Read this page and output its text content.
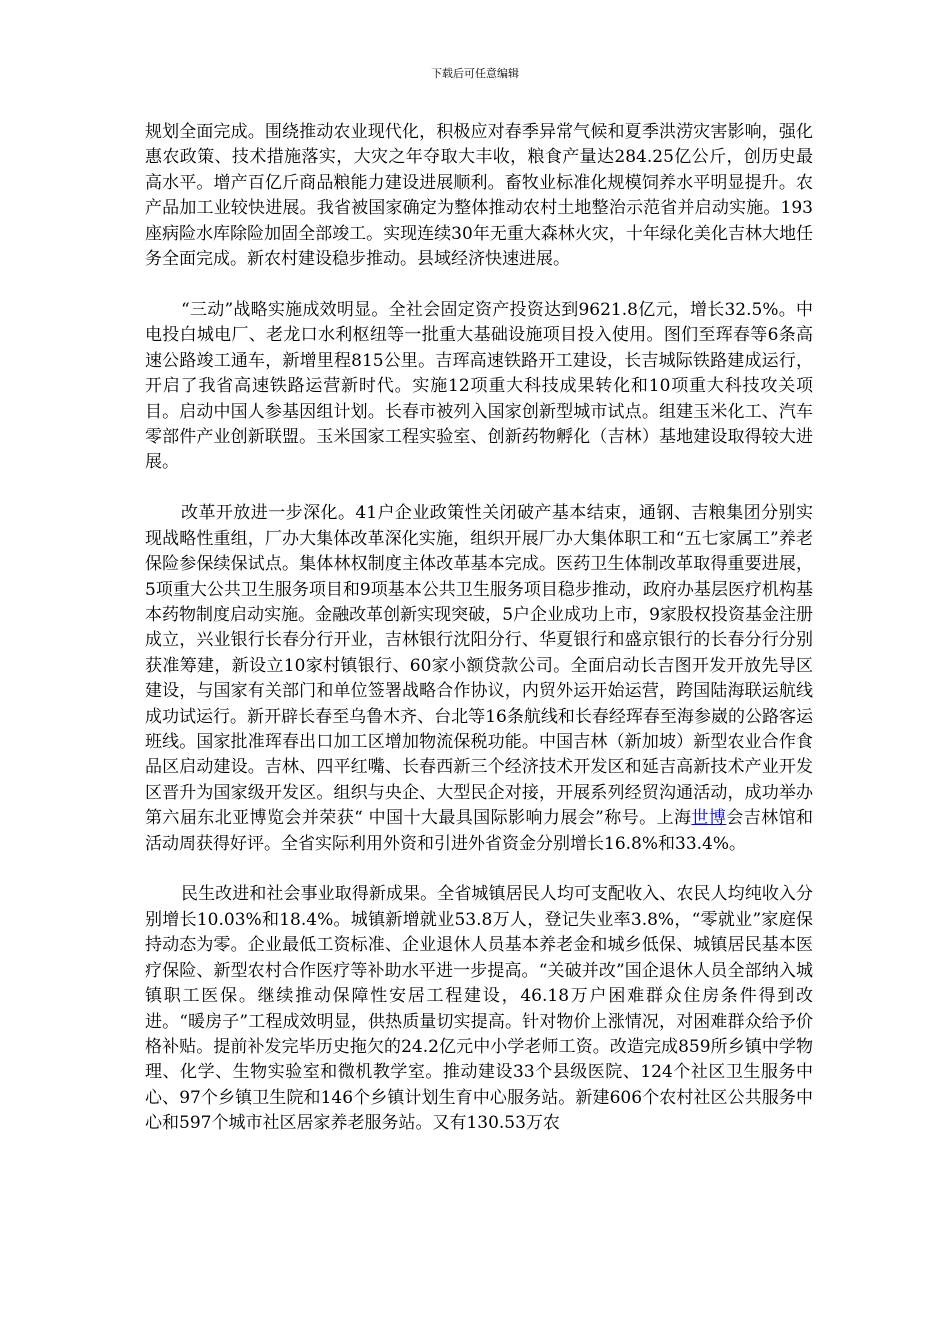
下载后可任意编辑

规划全面完成。围绕推动农业现代化，积极应对春季异常气候和夏季洪涝灾害影响，强化惠农政策、技术措施落实，大灾之年夺取大丰收，粮食产量达284.25亿公斤，创历史最高水平。增产百亿斤商品粮能力建设进展顺利。畜牧业标准化规模饲养水平明显提升。农产品加工业较快进展。我省被国家确定为整体推动农村土地整治示范省并启动实施。193座病险水库除险加固全部竣工。实现连续30年无重大森林火灾，十年绿化美化吉林大地任务全面完成。新农村建设稳步推动。县域经济快速进展。

“三动”战略实施成效明显。全社会固定资产投资达到9621.8亿元，增长32.5%。中电投白城电厂、老龙口水利枢纽等一批重大基础设施项目投入使用。图们至珲春等6条高速公路竣工通车，新增里程815公里。吉珲高速铁路开工建设，长吉城际铁路建成运行，开启了我省高速铁路运营新时代。实施12项重大科技成果转化和10项重大科技攻关项目。启动中国人参基因组计划。长春市被列入国家创新型城市试点。组建玉米化工、汽车零部件产业创新联盟。玉米国家工程实验室、创新药物孵化（吉林）基地建设取得较大进展。

改革开放进一步深化。41户企业政策性关闭破产基本结束，通钢、吉粮集团分别实现战略性重组，厂办大集体改革深化实施，组织开展厂办大集体职工和“五七家属工”养老保险参保续保试点。集体林权制度主体改革基本完成。医药卫生体制改革取得重要进展，5项重大公共卫生服务项目和9项基本公共卫生服务项目稳步推动，政府办基层医疗机构基本药物制度启动实施。金融改革创新实现突破，5户企业成功上市，9家股权投资基金注册成立，兴业银行长春分行开业，吉林银行沈阳分行、华夏银行和盛京银行的长春分行分别获准筹建，新设立10家村镇银行、60家小额贷款公司。全面启动长吉图开发开放先导区建设，与国家有关部门和单位签署战略合作协议，内贸外运开始运营，跨国陆海联运航线成功试运行。新开辟长春至乌鲁木齐、台北等16条航线和长春经珲春至海参崴的公路客运班线。国家批准珲春出口加工区增加物流保税功能。中国吉林（新加坡）新型农业合作食品区启动建设。吉林、四平红嘴、长春西新三个经济技术开发区和延吉高新技术产业开发区晋升为国家级开发区。组织与央企、大型民企对接，开展系列经贸沟通活动，成功举办第六届东北亚博览会并荣获“ 中国十大最具国际影响力展会”称号。上海世博会吉林馆和活动周获得好评。全省实际利用外资和引进外省资金分别增长16.8%和33.4%。

民生改进和社会事业取得新成果。全省城镇居民人均可支配收入、农民人均纯收入分别增长10.03%和18.4%。城镇新增就业53.8万人，登记失业率3.8%，“零就业”家庭保持动态为零。企业最低工资标准、企业退休人员基本养老金和城乡低保、城镇居民基本医疗保险、新型农村合作医疗等补助水平进一步提高。“关破并改”国企退休人员全部纳入城镇职工医保。继续推动保障性安居工程建设，46.18万户困难群众住房条件得到改进。“暖房子”工程成效明显，供热质量切实提高。针对物价上涨情况，对困难群众给予价格补贴。提前补发完毕历史拖欠的24.2亿元中小学老师工资。改造完成859所乡镇中学物理、化学、生物实验室和微机教学室。推动建设33个县级医院、124个社区卫生服务中心、97个乡镇卫生院和146个乡镇计划生育中心服务站。新建606个农村社区公共服务中心和597个城市社区居家养老服务站。又有130.53万农
